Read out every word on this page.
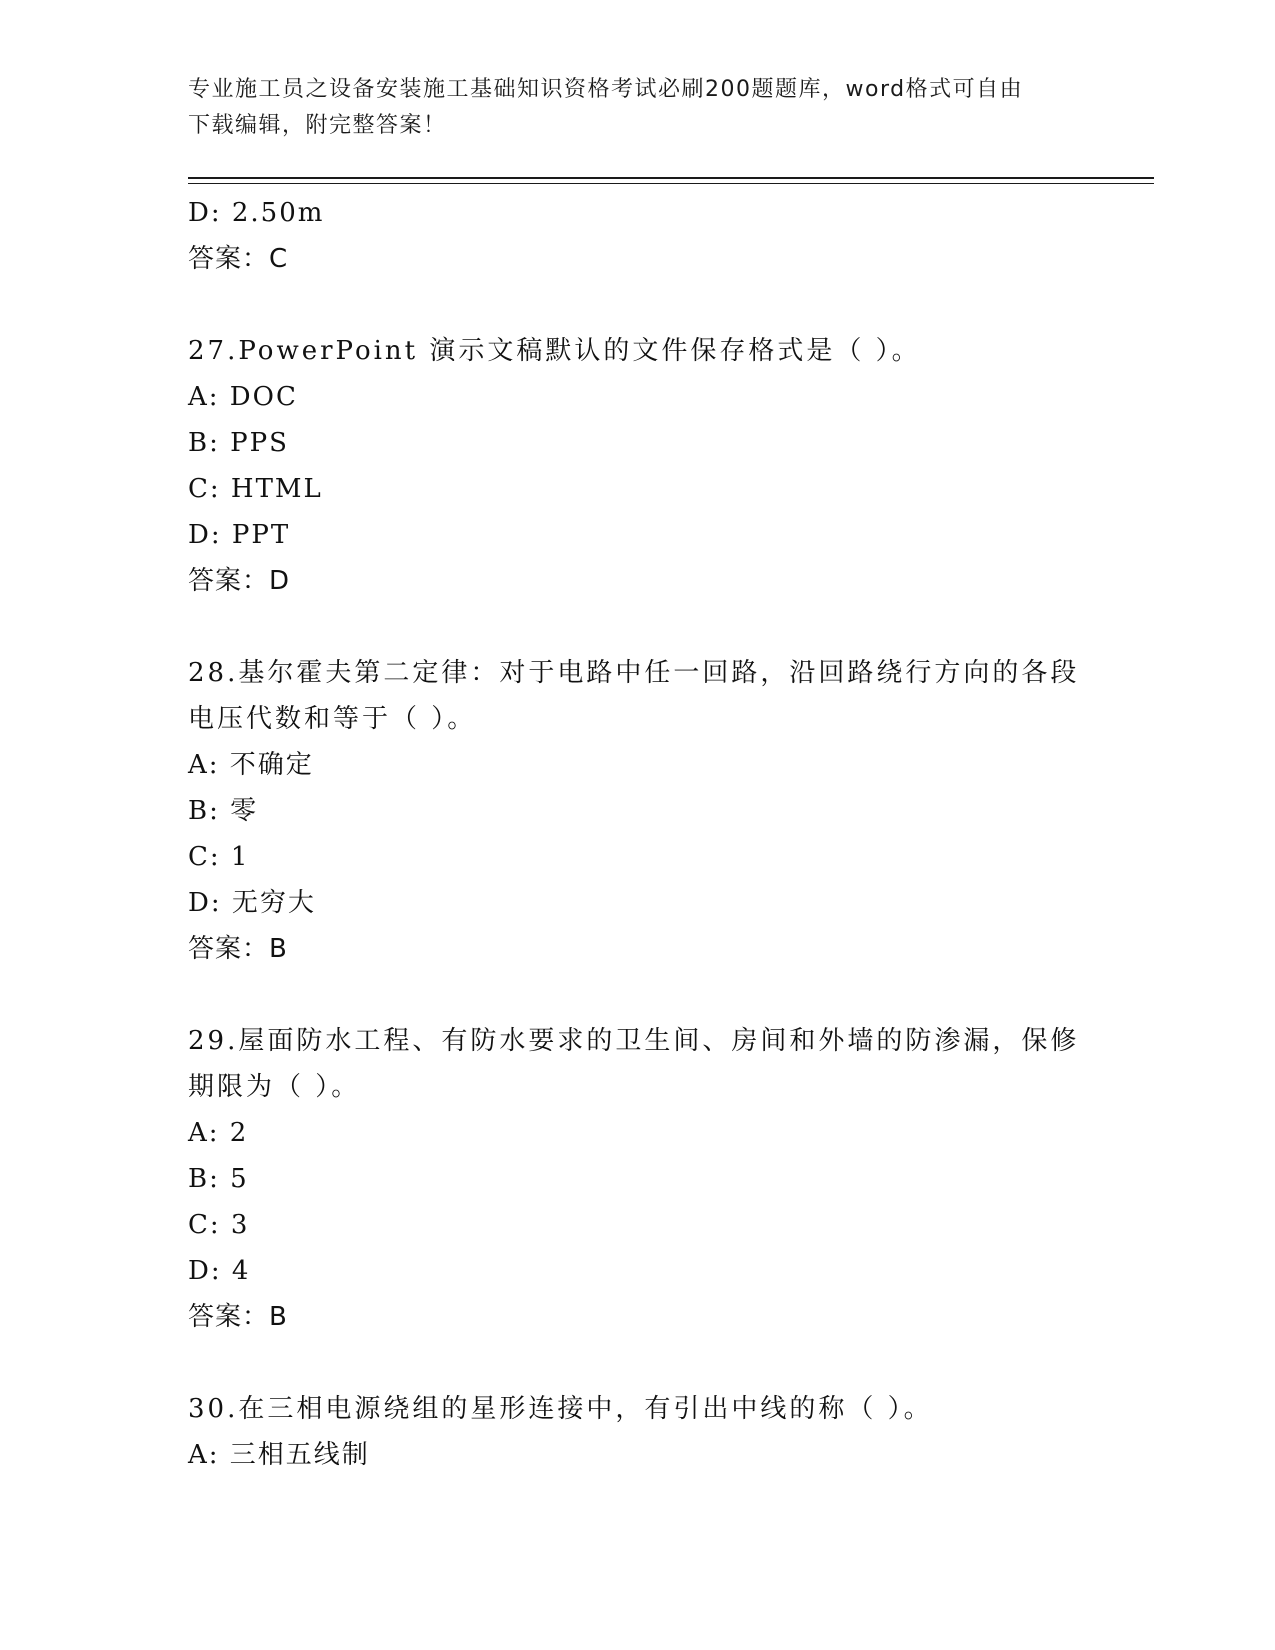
专业施工员之设备安装施工基础知识资格考试必刷200题题库，word格式可自由
下载编辑，附完整答案！
D: 2.50m
答案：C
27.PowerPoint 演示文稿默认的文件保存格式是（ ）。
A: DOC
B: PPS
C: HTML
D: PPT
答案：D
28.基尔霍夫第二定律：对于电路中任一回路，沿回路绕行方向的各段
电压代数和等于（ ）。
A: 不确定
B: 零
C: 1
D: 无穷大
答案：B
29.屋面防水工程、有防水要求的卫生间、房间和外墙的防渗漏，保修
期限为（ ）。
A: 2
B: 5
C: 3
D: 4
答案：B
30.在三相电源绕组的星形连接中，有引出中线的称（ ）。
A: 三相五线制
